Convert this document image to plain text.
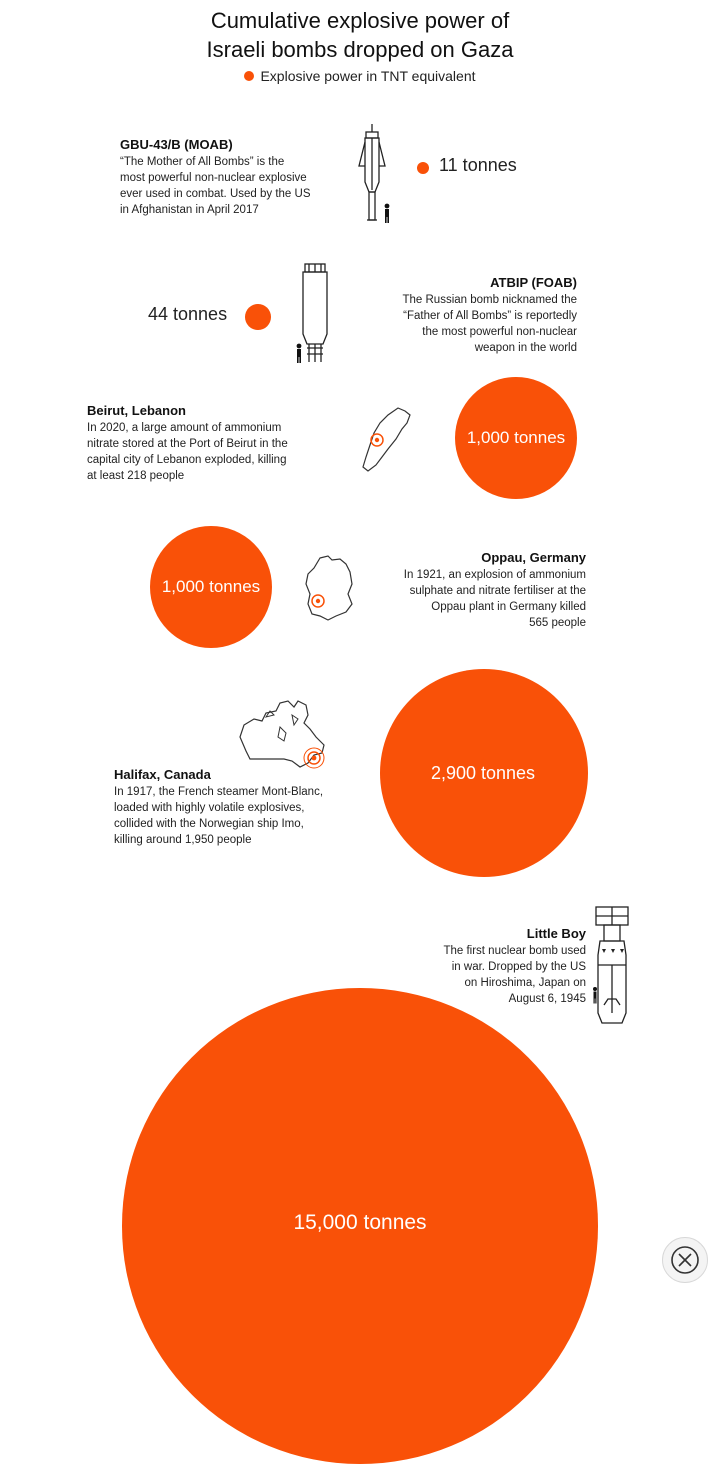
Cumulative explosive power of
Israeli bombs dropped on Gaza
Explosive power in TNT equivalent
GBU-43/B (MOAB)
“The Mother of All Bombs” is the
most powerful non-nuclear explosive
ever used in combat. Used by the US
in Afghanistan in April 2017
11 tonnes
ATBIP (FOAB)
The Russian bomb nicknamed the
“Father of All Bombs” is reportedly
the most powerful non-nuclear
weapon in the world
44 tonnes
Beirut, Lebanon
In 2020, a large amount of ammonium
nitrate stored at the Port of Beirut in the
capital city of Lebanon exploded, killing
at least 218 people
1,000 tonnes
1,000 tonnes
Oppau, Germany
In 1921, an explosion of ammonium
sulphate and nitrate fertiliser at the
Oppau plant in Germany killed
565 people
Halifax, Canada
In 1917, the French steamer Mont-Blanc,
loaded with highly volatile explosives,
collided with the Norwegian ship Imo,
killing around 1,950 people
2,900 tonnes
Little Boy
The first nuclear bomb used
in war. Dropped by the US
on Hiroshima, Japan on
August 6, 1945
15,000 tonnes
